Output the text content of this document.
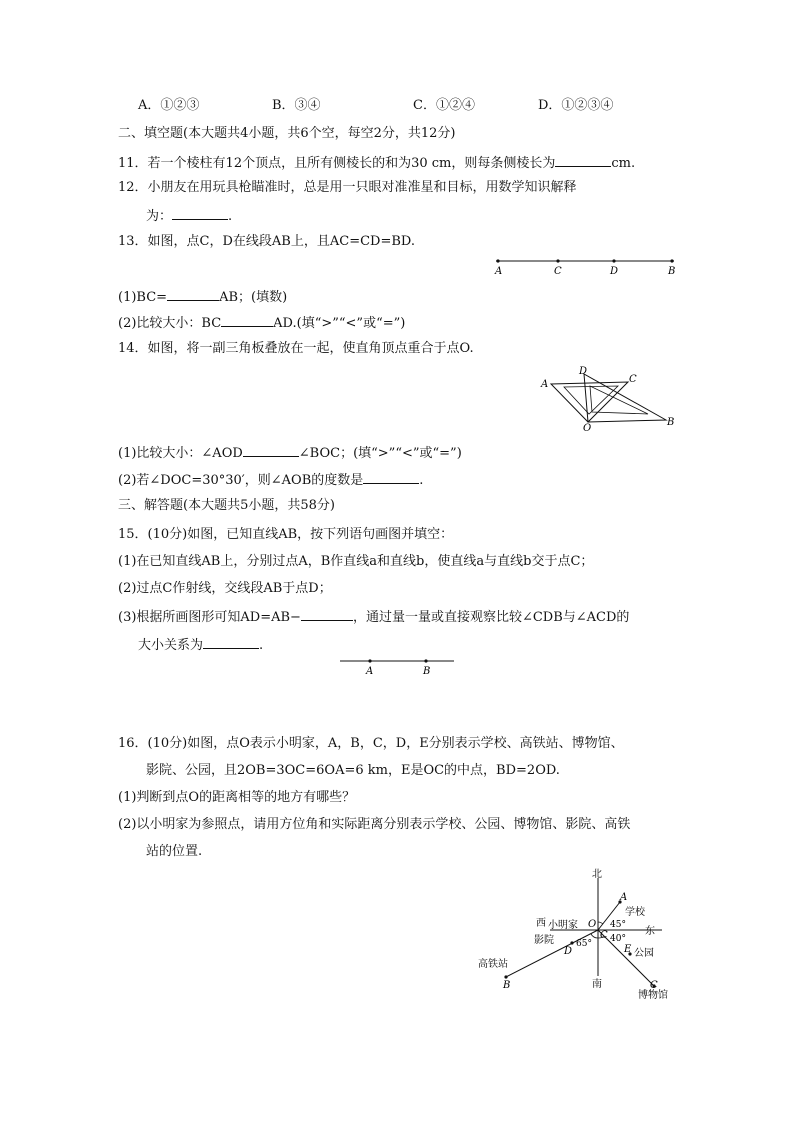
A．①②③	B．③④	C．①②④	D．①②③④
二、填空题(本大题共4小题，共6个空，每空2分，共12分)
11．若一个棱柱有12个顶点，且所有侧棱长的和为30 cm，则每条侧棱长为	cm.
12．小朋友在用玩具枪瞄准时，总是用一只眼对准准星和目标，用数学知识解释
为：	.
13．如图，点C，D在线段AB上，且AC=CD=BD.
A	C	D	B
(1)BC=	AB；(填数)
(2)比较大小：BC	AD.(填“>”“<”或“=”)
14．如图，将一副三角板叠放在一起，使直角顶点重合于点O.
A
D
C
B
O
(1)比较大小：∠AOD	∠BOC；(填“>”“<”或“=”)
(2)若∠DOC=30°30′，则∠AOB的度数是	.
三、解答题(本大题共5小题，共58分)
15．(10分)如图，已知直线AB，按下列语句画图并填空：
(1)在已知直线AB上，分别过点A，B作直线a和直线b，使直线a与直线b交于点C；
(2)过点C作射线，交线段AB于点D；
(3)根据所画图形可知AD=AB−	，通过量一量或直接观察比较∠CDB与∠ACD的
大小关系为	.
A	B
16．(10分)如图，点O表示小明家，A，B，C，D，E分别表示学校、高铁站、博物馆、
影院、公园，且2OB=3OC=6OA=6 km，E是OC的中点，BD=2OD.
(1)判断到点O的距离相等的地方有哪些？
(2)以小明家为参照点，请用方位角和实际距离分别表示学校、公园、博物馆、影院、高铁
站的位置.
北
南
东
西 小明家
影院
高铁站
学校
公园
博物馆
45°
40°
65°
O
A
C
C
D	E
B
